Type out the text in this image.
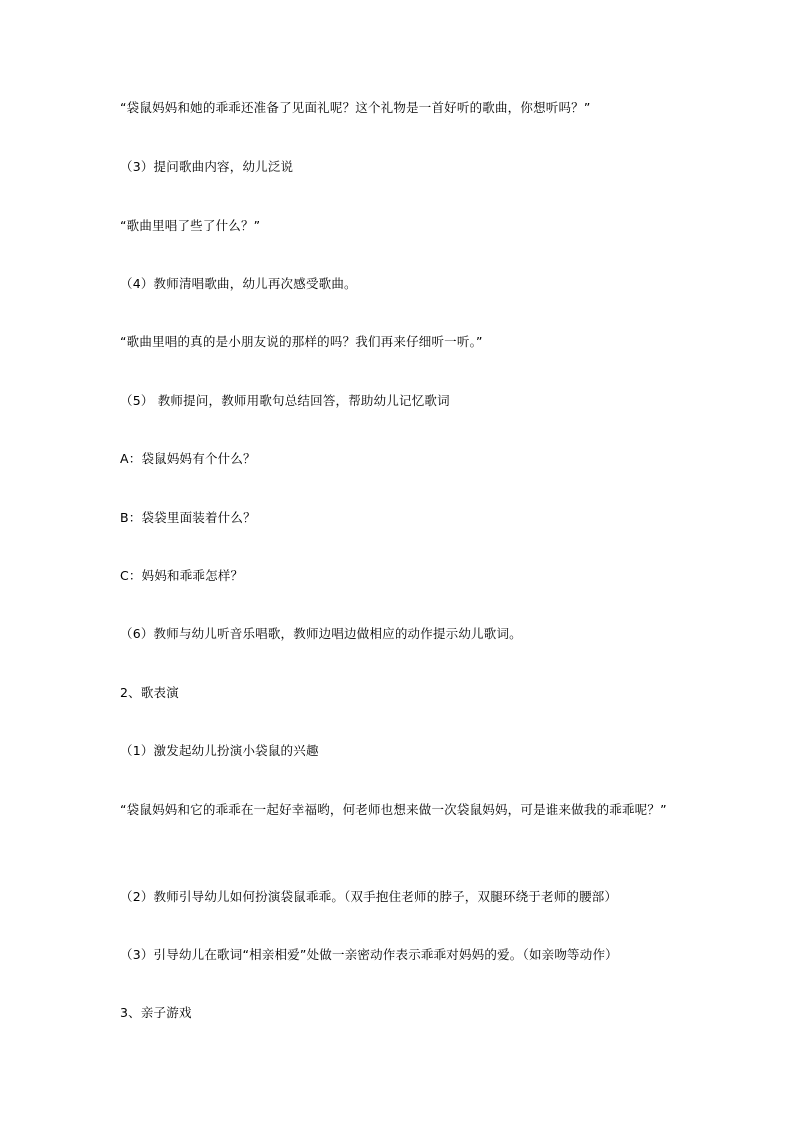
“袋鼠妈妈和她的乖乖还准备了见面礼呢？这个礼物是一首好听的歌曲，你想听吗？”
（3）提问歌曲内容，幼儿泛说
“歌曲里唱了些了什么？”
（4）教师清唱歌曲，幼儿再次感受歌曲。
“歌曲里唱的真的是小朋友说的那样的吗？我们再来仔细听一听。”
（5） 教师提问，教师用歌句总结回答，帮助幼儿记忆歌词
A：袋鼠妈妈有个什么？
B：袋袋里面装着什么？
C：妈妈和乖乖怎样？
（6）教师与幼儿听音乐唱歌，教师边唱边做相应的动作提示幼儿歌词。
2、歌表演
（1）激发起幼儿扮演小袋鼠的兴趣
“袋鼠妈妈和它的乖乖在一起好幸福哟，何老师也想来做一次袋鼠妈妈，可是谁来做我的乖乖呢？”
（2）教师引导幼儿如何扮演袋鼠乖乖。（双手抱住老师的脖子，双腿环绕于老师的腰部）
（3）引导幼儿在歌词“相亲相爱”处做一亲密动作表示乖乖对妈妈的爱。（如亲吻等动作）
3、亲子游戏
